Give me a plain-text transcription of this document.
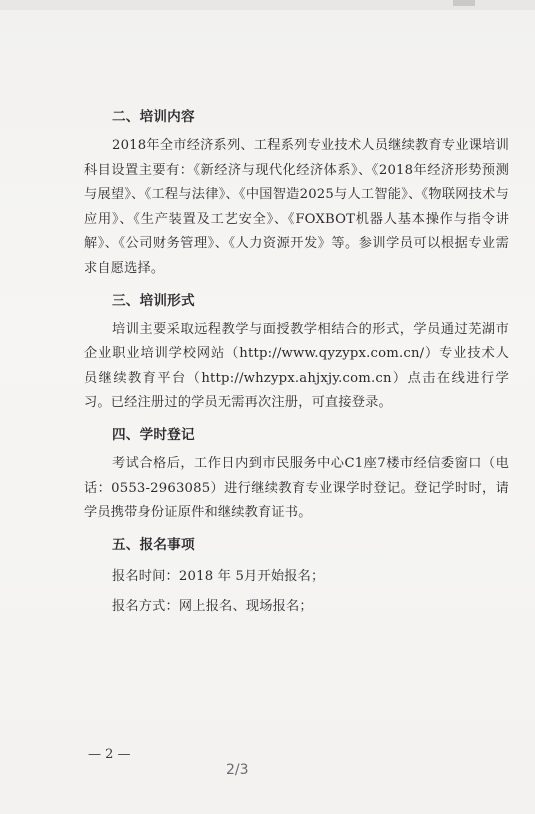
二、培训内容
2018年全市经济系列、工程系列专业技术人员继续教育专业课培训科目设置主要有：《新经济与现代化经济体系》、《2018年经济形势预测与展望》、《工程与法律》、《中国智造2025与人工智能》、《物联网技术与应用》、《生产装置及工艺安全》、《FOXBOT机器人基本操作与指令讲解》、《公司财务管理》、《人力资源开发》等。参训学员可以根据专业需求自愿选择。
三、培训形式
培训主要采取远程教学与面授教学相结合的形式，学员通过芜湖市企业职业培训学校网站（http://www.qyzypx.com.cn/）专业技术人员继续教育平台（http://whzypx.ahjxjy.com.cn）点击在线进行学习。已经注册过的学员无需再次注册，可直接登录。
四、学时登记
考试合格后，工作日内到市民服务中心C1座7楼市经信委窗口（电话：0553-2963085）进行继续教育专业课学时登记。登记学时时，请学员携带身份证原件和继续教育证书。
五、报名事项
报名时间：2018 年 5月开始报名；
报名方式：网上报名、现场报名；
— 2 —
2/3
